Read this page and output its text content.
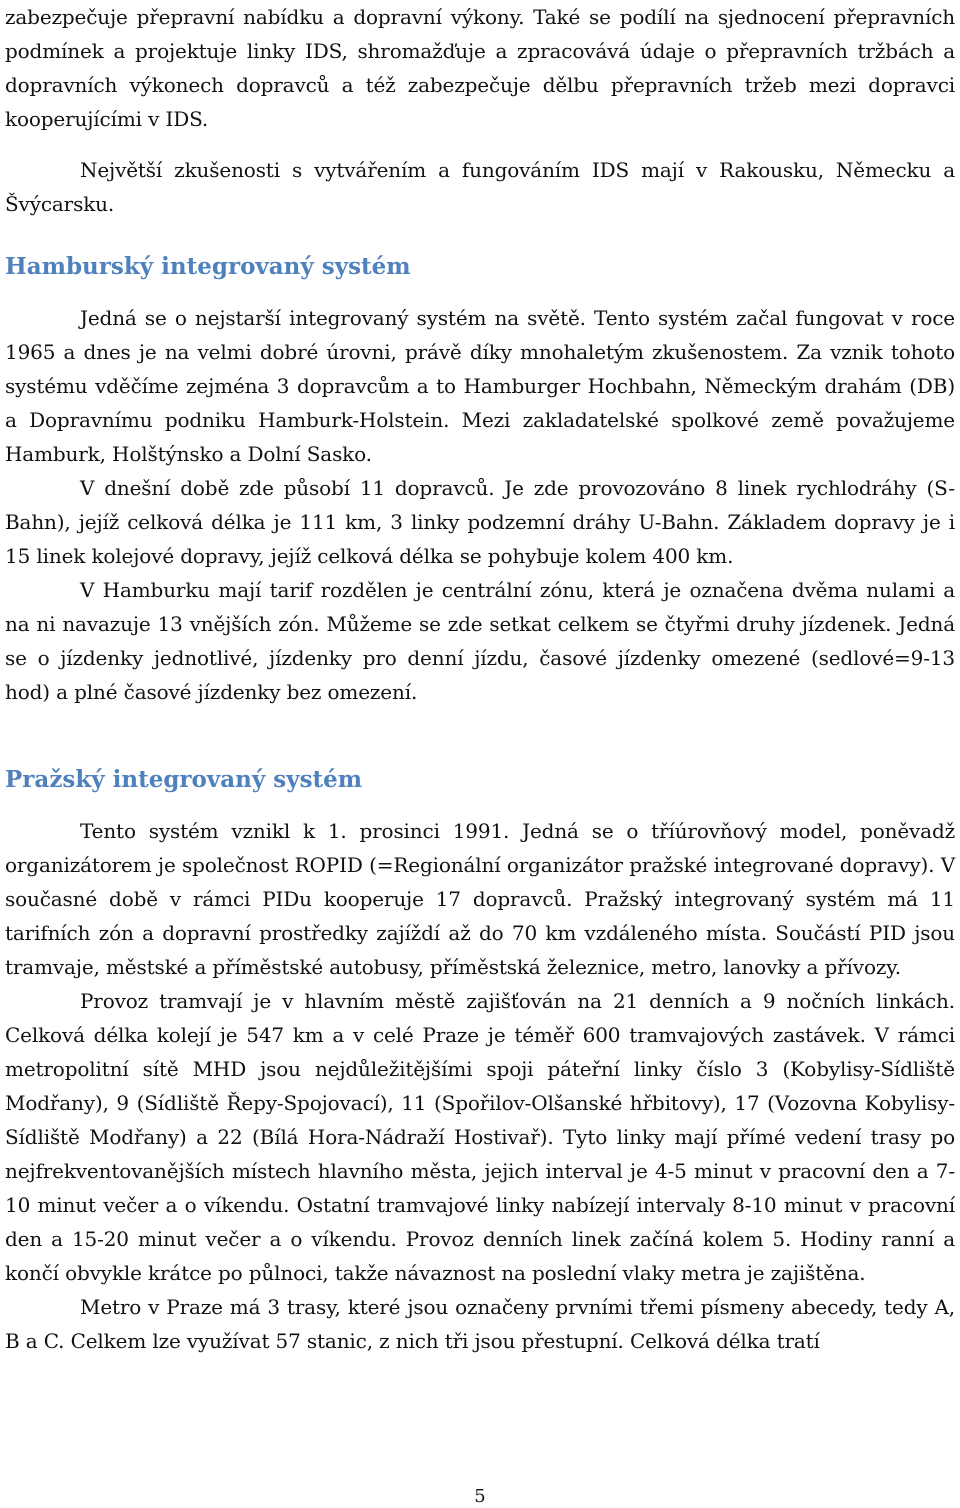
zabezpečuje přepravní nabídku a dopravní výkony. Také se podílí na sjednocení přepravních podmínek a projektuje linky IDS, shromažďuje a zpracovává údaje o přepravních tržbách a dopravních výkonech dopravců a též zabezpečuje dělbu přepravních tržeb mezi dopravci kooperujícími v IDS.

Největší zkušenosti s vytvářením a fungováním IDS mají v Rakousku, Německu a Švýcarsku.

Hamburský integrovaný systém

Jedná se o nejstarší integrovaný systém na světě. Tento systém začal fungovat v roce 1965 a dnes je na velmi dobré úrovni, právě díky mnohaletým zkušenostem. Za vznik tohoto systému vděčíme zejména 3 dopravcům a to Hamburger Hochbahn, Německým drahám (DB) a Dopravnímu podniku Hamburk-Holstein. Mezi zakladatelské spolkové země považujeme Hamburk, Holštýnsko a Dolní Sasko.

V dnešní době zde působí 11 dopravců. Je zde provozováno 8 linek rychlodráhy (S-Bahn), jejíž celková délka je 111 km, 3 linky podzemní dráhy U-Bahn. Základem dopravy je i 15 linek kolejové dopravy, jejíž celková délka se pohybuje kolem 400 km.

V Hamburku mají tarif rozdělen je centrální zónu, která je označena dvěma nulami a na ni navazuje 13 vnějších zón. Můžeme se zde setkat celkem se čtyřmi druhy jízdenek. Jedná se o jízdenky jednotlivé, jízdenky pro denní jízdu, časové jízdenky omezené (sedlové=9-13 hod) a plné časové jízdenky bez omezení.

Pražský integrovaný systém

Tento systém vznikl k 1. prosinci 1991. Jedná se o tříúrovňový model, poněvadž organizátorem je společnost ROPID (=Regionální organizátor pražské integrované dopravy). V současné době v rámci PIDu kooperuje 17 dopravců. Pražský integrovaný systém má 11 tarifních zón a dopravní prostředky zajíždí až do 70 km vzdáleného místa. Součástí PID jsou tramvaje, městské a příměstské autobusy, příměstská železnice, metro, lanovky a přívozy.

Provoz tramvají je v hlavním městě zajišťován na 21 denních a 9 nočních linkách. Celková délka kolejí je 547 km a v celé Praze je téměř 600 tramvajových zastávek. V rámci metropolitní sítě MHD jsou nejdůležitějšími spoji páteřní linky číslo 3 (Kobylisy-Sídliště Modřany), 9 (Sídliště Řepy-Spojovací), 11 (Spořilov-Olšanské hřbitovy), 17 (Vozovna Kobylisy-Sídliště Modřany) a 22 (Bílá Hora-Nádraží Hostivař). Tyto linky mají přímé vedení trasy po nejfrekventovanějších místech hlavního města, jejich interval je 4-5 minut v pracovní den a 7-10 minut večer a o víkendu. Ostatní tramvajové linky nabízejí intervaly 8-10 minut v pracovní den a 15-20 minut večer a o víkendu. Provoz denních linek začíná kolem 5. Hodiny ranní a končí obvykle krátce po půlnoci, takže návaznost na poslední vlaky metra je zajištěna.

Metro v Praze má 3 trasy, které jsou označeny prvními třemi písmeny abecedy, tedy A, B a C. Celkem lze využívat 57 stanic, z nich tři jsou přestupní. Celková délka tratí

5
